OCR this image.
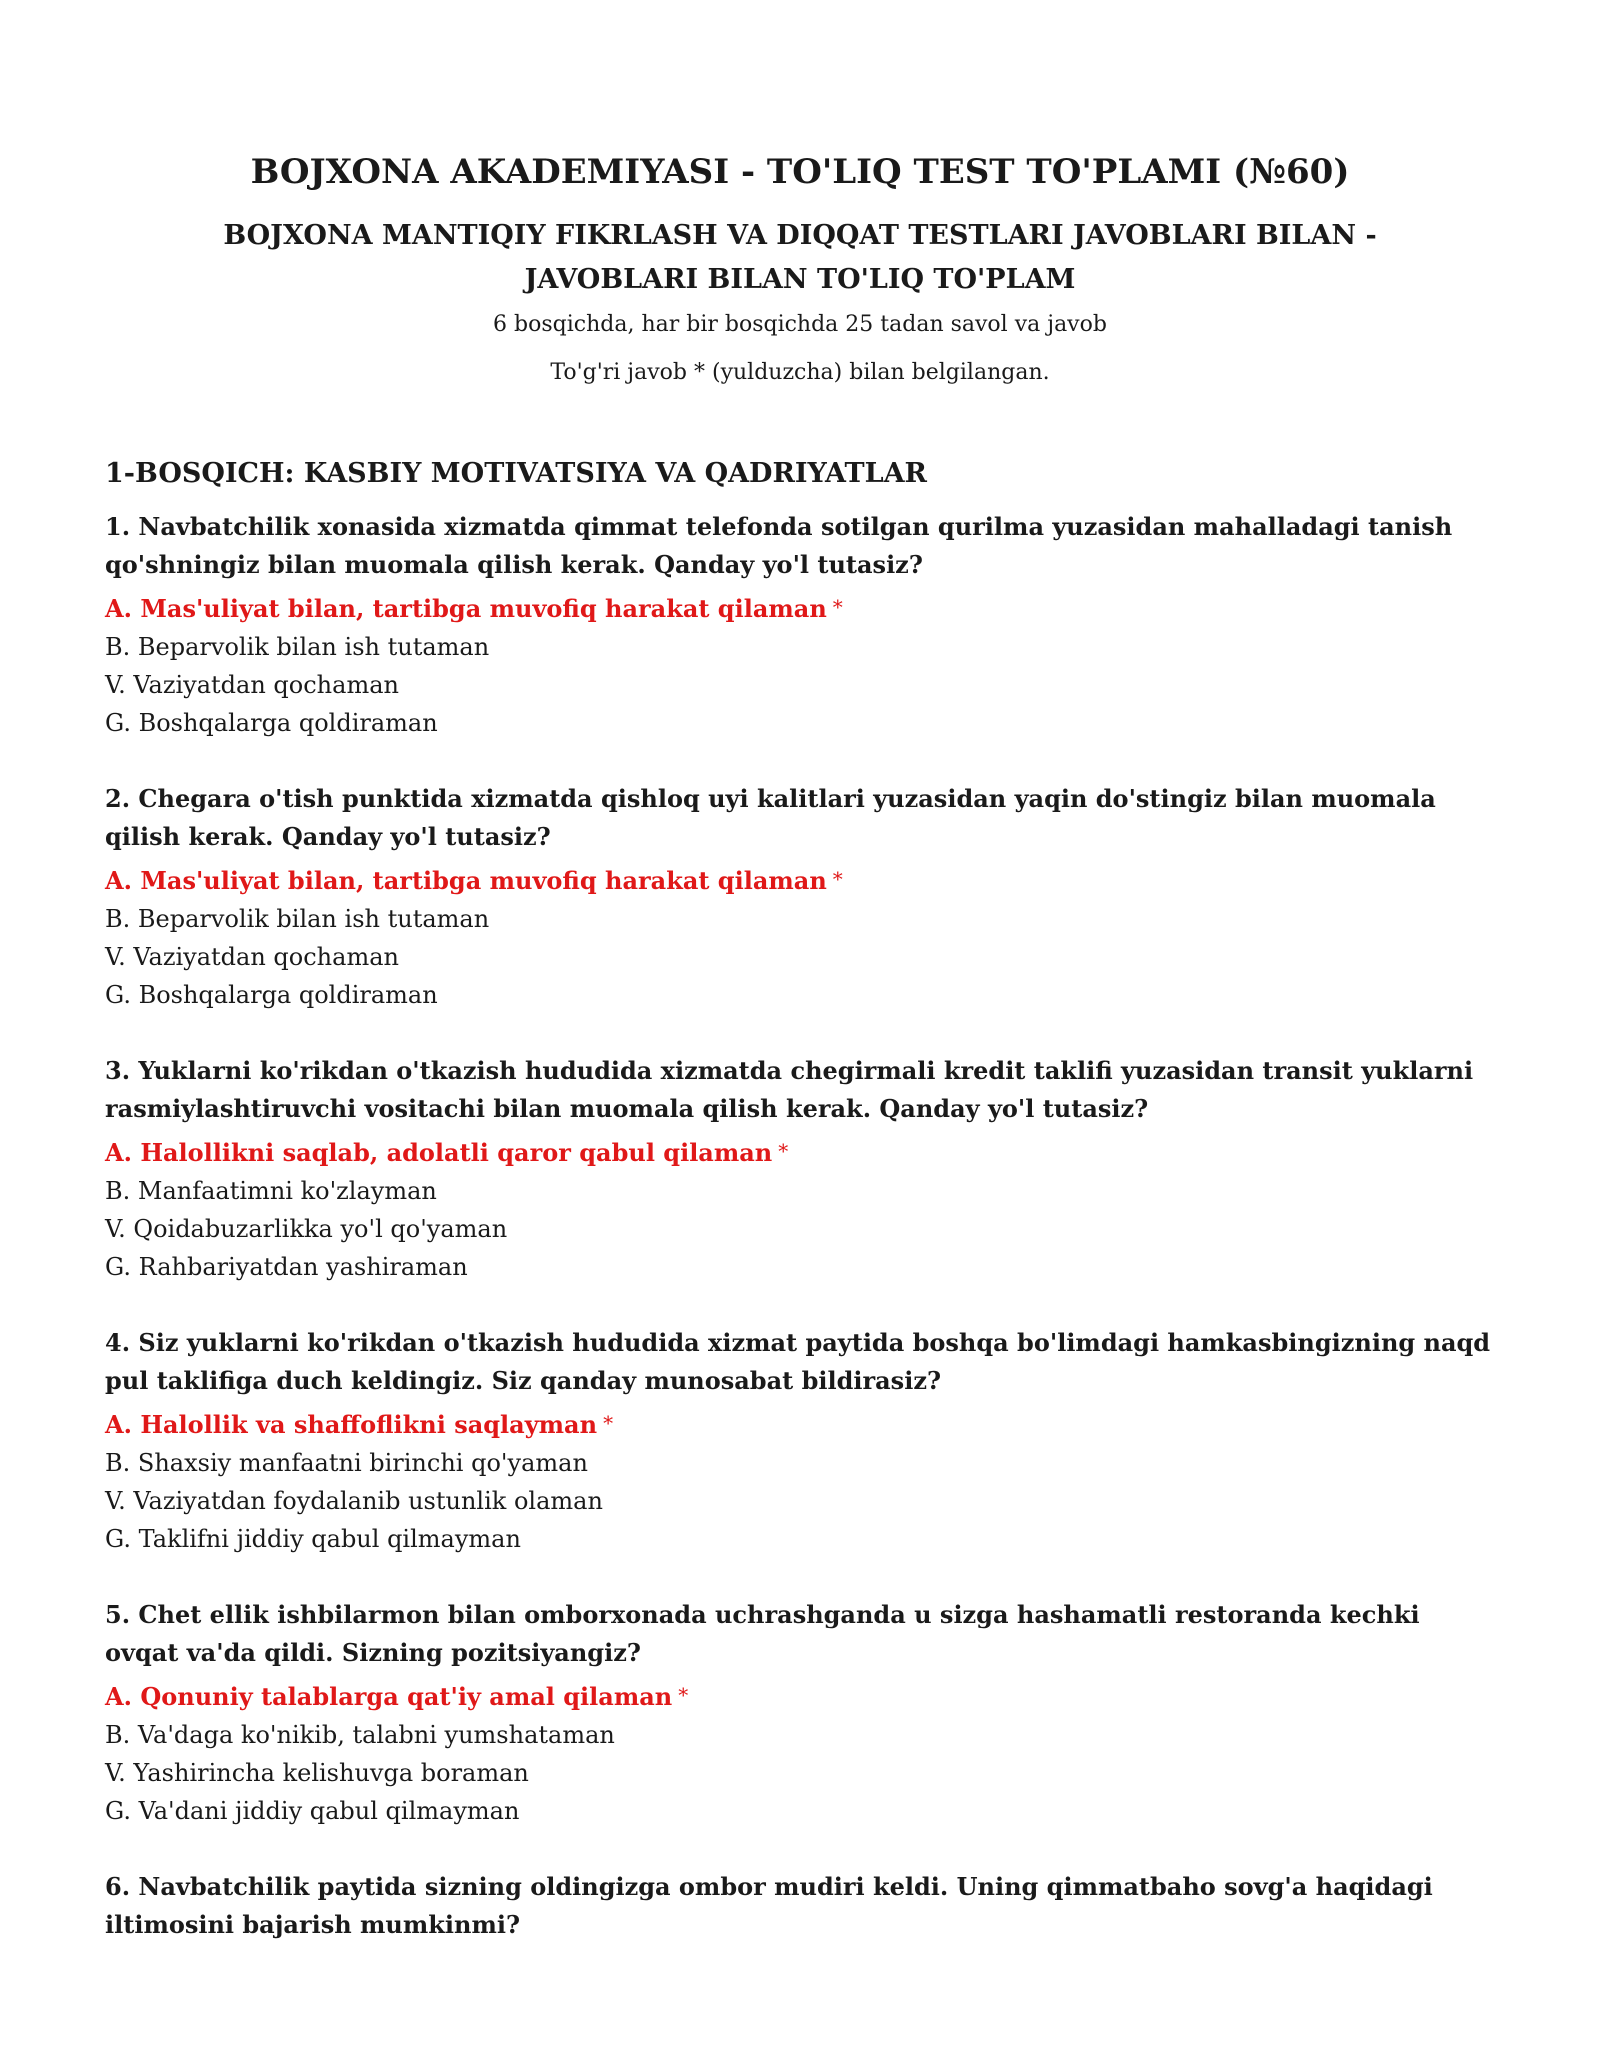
BOJXONA AKADEMIYASI - TO'LIQ TEST TO'PLAMI (№60)
BOJXONA MANTIQIY FIKRLASH VA DIQQAT TESTLARI JAVOBLARI BILAN - JAVOBLARI BILAN TO'LIQ TO'PLAM

6 bosqichda, har bir bosqichda 25 tadan savol va javob

To'g'ri javob * (yulduzcha) bilan belgilangan.

1-BOSQICH: KASBIY MOTIVATSIYA VA QADRIYATLAR

1. Navbatchilik xonasida xizmatda qimmat telefonda sotilgan qurilma yuzasidan mahalladagi tanish qo'shningiz bilan muomala qilish kerak. Qanday yo'l tutasiz?

A. Mas'uliyat bilan, tartibga muvofiq harakat qilaman *

B. Beparvolik bilan ish tutaman

V. Vaziyatdan qochaman

G. Boshqalarga qoldiraman

2. Chegara o'tish punktida xizmatda qishloq uyi kalitlari yuzasidan yaqin do'stingiz bilan muomala qilish kerak. Qanday yo'l tutasiz?

A. Mas'uliyat bilan, tartibga muvofiq harakat qilaman *

B. Beparvolik bilan ish tutaman

V. Vaziyatdan qochaman

G. Boshqalarga qoldiraman

3. Yuklarni ko'rikdan o'tkazish hududida xizmatda chegirmali kredit taklifi yuzasidan transit yuklarni rasmiylashtiruvchi vositachi bilan muomala qilish kerak. Qanday yo'l tutasiz?

A. Halollikni saqlab, adolatli qaror qabul qilaman *

B. Manfaatimni ko'zlayman

V. Qoidabuzarlikka yo'l qo'yaman

G. Rahbariyatdan yashiraman

4. Siz yuklarni ko'rikdan o'tkazish hududida xizmat paytida boshqa bo'limdagi hamkasbingizning naqd pul taklifiga duch keldingiz. Siz qanday munosabat bildirasiz?

A. Halollik va shaffoflikni saqlayman *

B. Shaxsiy manfaatni birinchi qo'yaman

V. Vaziyatdan foydalanib ustunlik olaman

G. Taklifni jiddiy qabul qilmayman

5. Chet ellik ishbilarmon bilan omborxonada uchrashganda u sizga hashamatli restoranda kechki ovqat va'da qildi. Sizning pozitsiyangiz?

A. Qonuniy talablarga qat'iy amal qilaman *

B. Va'daga ko'nikib, talabni yumshataman

V. Yashirincha kelishuvga boraman

G. Va'dani jiddiy qabul qilmayman

6. Navbatchilik paytida sizning oldingizga ombor mudiri keldi. Uning qimmatbaho sovg'a haqidagi iltimosini bajarish mumkinmi?
